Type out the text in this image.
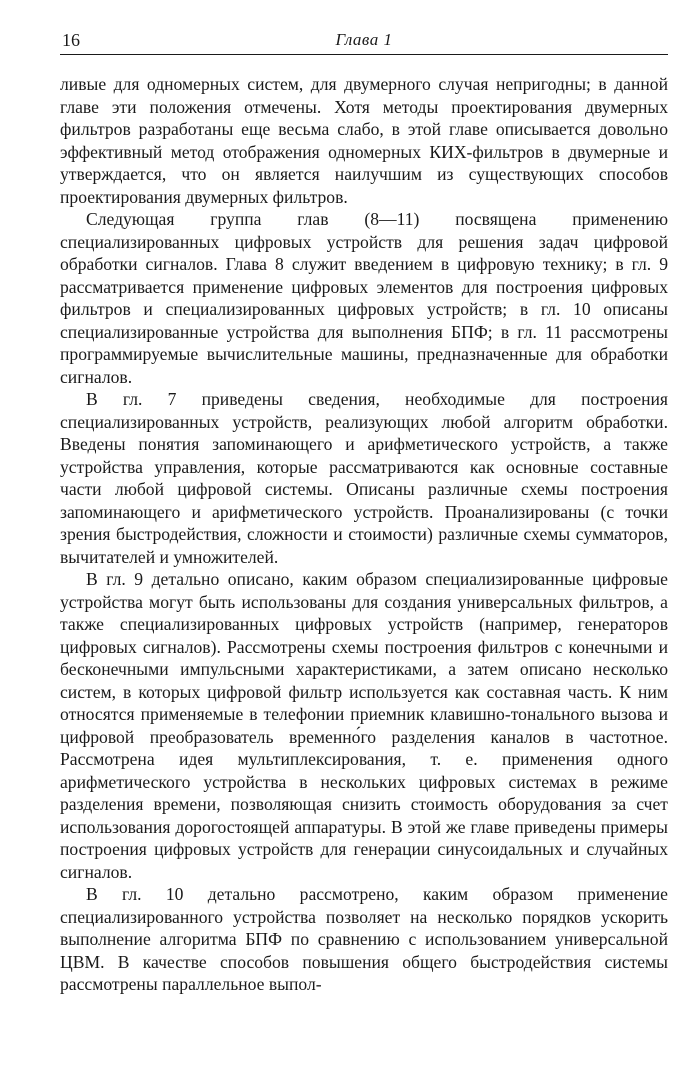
16	Глава 1

ливые для одномерных систем, для двумерного случая непригодны; в данной главе эти положения отмечены. Хотя методы проектирования двумерных фильтров разработаны еще весьма слабо, в этой главе описывается довольно эффективный метод отображения одномерных КИХ-фильтров в двумерные и утверждается, что он является наилучшим из существующих способов проектирования двумерных фильтров.

Следующая группа глав (8—11) посвящена применению специализированных цифровых устройств для решения задач цифровой обработки сигналов. Глава 8 служит введением в цифровую технику; в гл. 9 рассматривается применение цифровых элементов для построения цифровых фильтров и специализированных цифровых устройств; в гл. 10 описаны специализированные устройства для выполнения БПФ; в гл. 11 рассмотрены программируемые вычислительные машины, предназначенные для обработки сигналов.

В гл. 7 приведены сведения, необходимые для построения специализированных устройств, реализующих любой алгоритм обработки. Введены понятия запоминающего и арифметического устройств, а также устройства управления, которые рассматриваются как основные составные части любой цифровой системы. Описаны различные схемы построения запоминающего и арифметического устройств. Проанализированы (с точки зрения быстродействия, сложности и стоимости) различные схемы сумматоров, вычитателей и умножителей.

В гл. 9 детально описано, каким образом специализированные цифровые устройства могут быть использованы для создания универсальных фильтров, а также специализированных цифровых устройств (например, генераторов цифровых сигналов). Рассмотрены схемы построения фильтров с конечными и бесконечными импульсными характеристиками, а затем описано несколько систем, в которых цифровой фильтр используется как составная часть. К ним относятся применяемые в телефонии приемник клавишно-тонального вызова и цифровой преобразователь временно́го разделения каналов в частотное. Рассмотрена идея мультиплексирования, т. е. применения одного арифметического устройства в нескольких цифровых системах в режиме разделения времени, позволяющая снизить стоимость оборудования за счет использования дорогостоящей аппаратуры. В этой же главе приведены примеры построения цифровых устройств для генерации синусоидальных и случайных сигналов.

В гл. 10 детально рассмотрено, каким образом применение специализированного устройства позволяет на несколько порядков ускорить выполнение алгоритма БПФ по сравнению с использованием универсальной ЦВМ. В качестве способов повышения общего быстродействия системы рассмотрены параллельное выпол-
